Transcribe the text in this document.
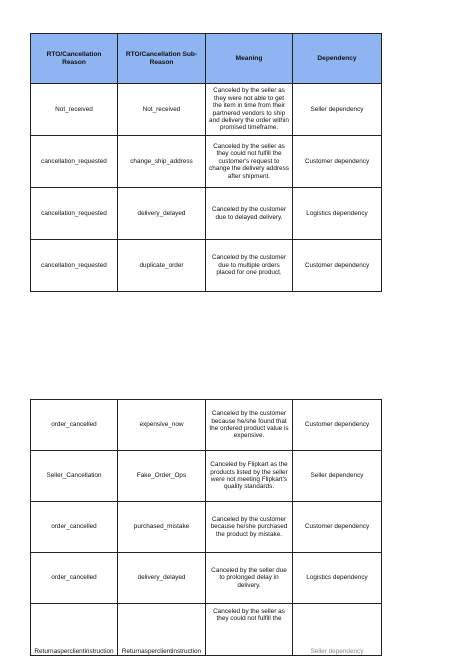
RTO/Cancellation Reason	RTO/Cancellation Sub-Reason	Meaning	Dependency
Not_received	Not_received	Canceled by the seller as they were not able to get the item in time from their partnered vendors to ship and delivery the order within promised timeframe.	Seller dependency
cancellation_requested	change_ship_address	Canceled by the seller as they could not fulfill the customer's request to change the delivery address after shipment.	Customer dependency
cancellation_requested	delivery_delayed	Canceled by the customer due to delayed delivery.	Logistics dependency
cancellation_requested	duplicate_order	Canceled by the customer due to multiple orders placed for one product.	Customer dependency
order_cancelled	expensive_now	Canceled by the customer because he/she found that the ordered product value is expensive.	Customer dependency
Seller_Cancellation	Fake_Order_Ops	Canceled by Flipkart as the products listed by the seller were not meeting Flipkart's quality standards.	Seller dependency
order_cancelled	purchased_mistake	Canceled by the customer because he/she purchased the product by mistake.	Customer dependency
order_cancelled	delivery_delayed	Canceled by the seller due to prolonged delay in delivery.	Logistics dependency
Returnasperclientinstruction	Returnasperclientinstruction	Canceled by the seller as they could not fulfill the	Seller dependency
